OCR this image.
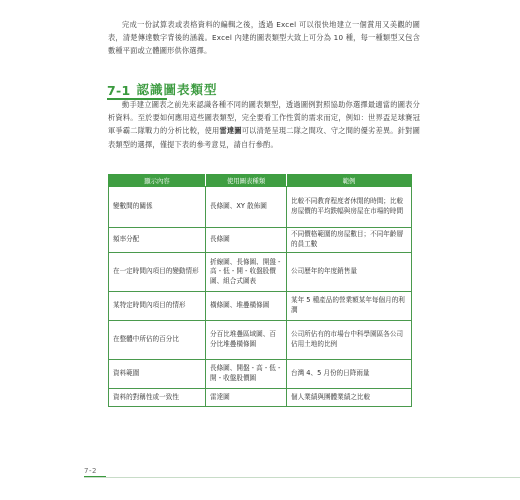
完成一份試算表或表格資料的編輯之後，透過 Excel 可以很快地建立一個賞用又美觀的圖表，清楚傳達數字背後的涵義。Excel 內建的圖表類型大致上可分為 10 種，每一種類型又包含數種平面或立體圖形供你選擇。

7-1 認識圖表類型

動手建立圖表之前先來認識各種不同的圖表類型，透過圖例對照協助你選擇最適當的圖表分析資料。至於要如何應用這些圖表類型，完全要看工作性質的需求而定，例如：世界盃足球賽冠軍爭霸二隊戰力的分析比較，使用雷達圖可以清楚呈現二隊之間攻、守之間的優劣差異。針對圖表類型的選擇，僅提下表的參考意見，請自行參酌。

顯示內容	使用圖表種類	範例
變數間的關係	長條圖、XY 散佈圖	比較不同教育程度者休閒的時間；比較房屋價的平均跌幅與房屋在市場的時間
頻率分配	長條圖	不同價格範圍的房屋數目；不同年齡層的員工數
在一定時間內項目的變動情形	折線圖、長條圖、開盤 - 高 - 低 - 開 - 收盤股價圖、組合式圖表	公司歷年的年度銷售量
某特定時間內項目的情形	橫條圖、堆疊橫條圖	某年 5 種產品的營業額某年每個月的利潤
在整體中所佔的百分比	分百比堆疊區域圖、百分比堆疊橫條圖	公司所佔有的市場台中科學園區各公司佔用土地的比例
資料範圍	長條圖、開盤 - 高 - 低 - 開 - 收盤股價圖	台灣 4、5 月份的日降雨量
資料的對稱性或一致性	雷達圖	個人業績與團體業績之比較
7-2
